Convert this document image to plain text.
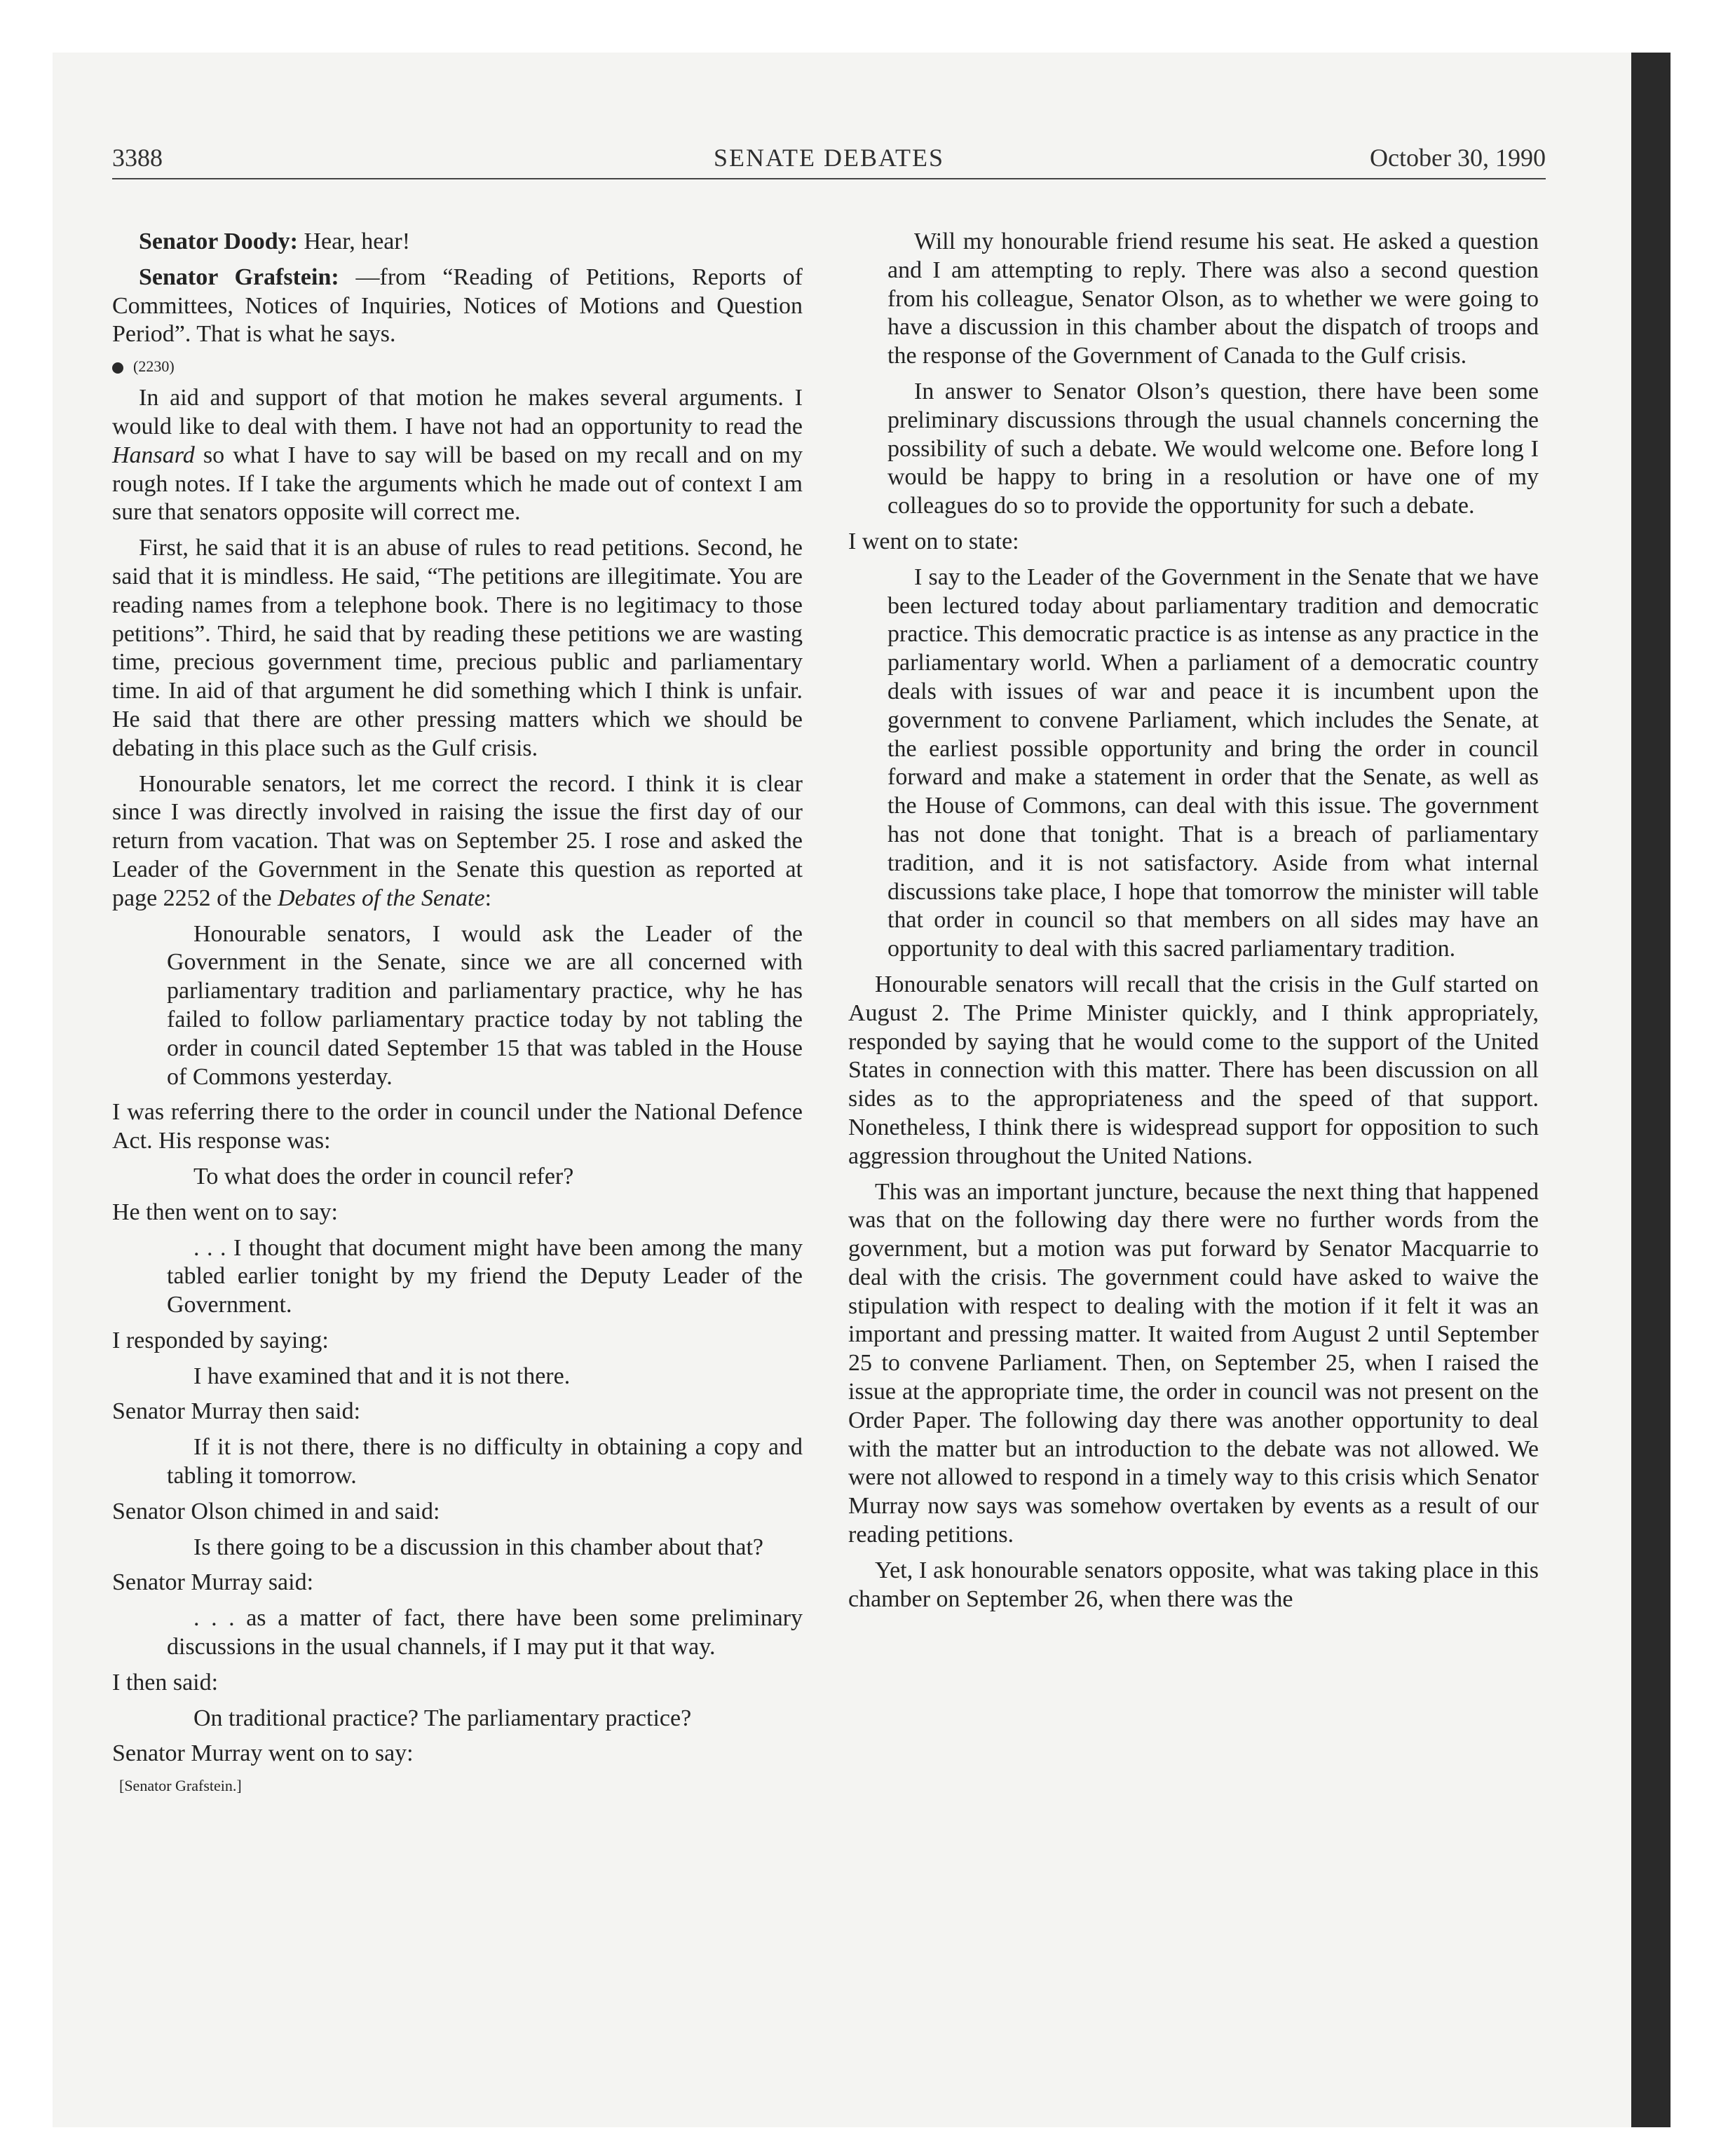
3388	SENATE DEBATES	October 30, 1990

Senator Doody: Hear, hear!

Senator Grafstein: —from “Reading of Petitions, Reports of Committees, Notices of Inquiries, Notices of Motions and Question Period”. That is what he says.

(2230)

In aid and support of that motion he makes several arguments. I would like to deal with them. I have not had an opportunity to read the Hansard so what I have to say will be based on my recall and on my rough notes. If I take the arguments which he made out of context I am sure that senators opposite will correct me.

First, he said that it is an abuse of rules to read petitions. Second, he said that it is mindless. He said, “The petitions are illegitimate. You are reading names from a telephone book. There is no legitimacy to those petitions”. Third, he said that by reading these petitions we are wasting time, precious government time, precious public and parliamentary time. In aid of that argument he did something which I think is unfair. He said that there are other pressing matters which we should be debating in this place such as the Gulf crisis.

Honourable senators, let me correct the record. I think it is clear since I was directly involved in raising the issue the first day of our return from vacation. That was on September 25. I rose and asked the Leader of the Government in the Senate this question as reported at page 2252 of the Debates of the Senate:

Honourable senators, I would ask the Leader of the Government in the Senate, since we are all concerned with parliamentary tradition and parliamentary practice, why he has failed to follow parliamentary practice today by not tabling the order in council dated September 15 that was tabled in the House of Commons yesterday.

I was referring there to the order in council under the National Defence Act. His response was:

To what does the order in council refer?

He then went on to say:

. . . I thought that document might have been among the many tabled earlier tonight by my friend the Deputy Leader of the Government.

I responded by saying:

I have examined that and it is not there.

Senator Murray then said:

If it is not there, there is no difficulty in obtaining a copy and tabling it tomorrow.

Senator Olson chimed in and said:

Is there going to be a discussion in this chamber about that?

Senator Murray said:

. . . as a matter of fact, there have been some preliminary discussions in the usual channels, if I may put it that way.

I then said:

On traditional practice? The parliamentary practice?

Senator Murray went on to say:

[Senator Grafstein.]

Will my honourable friend resume his seat. He asked a question and I am attempting to reply. There was also a second question from his colleague, Senator Olson, as to whether we were going to have a discussion in this chamber about the dispatch of troops and the response of the Government of Canada to the Gulf crisis.

In answer to Senator Olson’s question, there have been some preliminary discussions through the usual channels concerning the possibility of such a debate. We would welcome one. Before long I would be happy to bring in a resolution or have one of my colleagues do so to provide the opportunity for such a debate.

I went on to state:

I say to the Leader of the Government in the Senate that we have been lectured today about parliamentary tradition and democratic practice. This democratic practice is as intense as any practice in the parliamentary world. When a parliament of a democratic country deals with issues of war and peace it is incumbent upon the government to convene Parliament, which includes the Senate, at the earliest possible opportunity and bring the order in council forward and make a statement in order that the Senate, as well as the House of Commons, can deal with this issue. The government has not done that tonight. That is a breach of parliamentary tradition, and it is not satisfactory. Aside from what internal discussions take place, I hope that tomorrow the minister will table that order in council so that members on all sides may have an opportunity to deal with this sacred parliamentary tradition.

Honourable senators will recall that the crisis in the Gulf started on August 2. The Prime Minister quickly, and I think appropriately, responded by saying that he would come to the support of the United States in connection with this matter. There has been discussion on all sides as to the appropriateness and the speed of that support. Nonetheless, I think there is widespread support for opposition to such aggression throughout the United Nations.

This was an important juncture, because the next thing that happened was that on the following day there were no further words from the government, but a motion was put forward by Senator Macquarrie to deal with the crisis. The government could have asked to waive the stipulation with respect to dealing with the motion if it felt it was an important and pressing matter. It waited from August 2 until September 25 to convene Parliament. Then, on September 25, when I raised the issue at the appropriate time, the order in council was not present on the Order Paper. The following day there was another opportunity to deal with the matter but an introduction to the debate was not allowed. We were not allowed to respond in a timely way to this crisis which Senator Murray now says was somehow overtaken by events as a result of our reading petitions.

Yet, I ask honourable senators opposite, what was taking place in this chamber on September 26, when there was the
